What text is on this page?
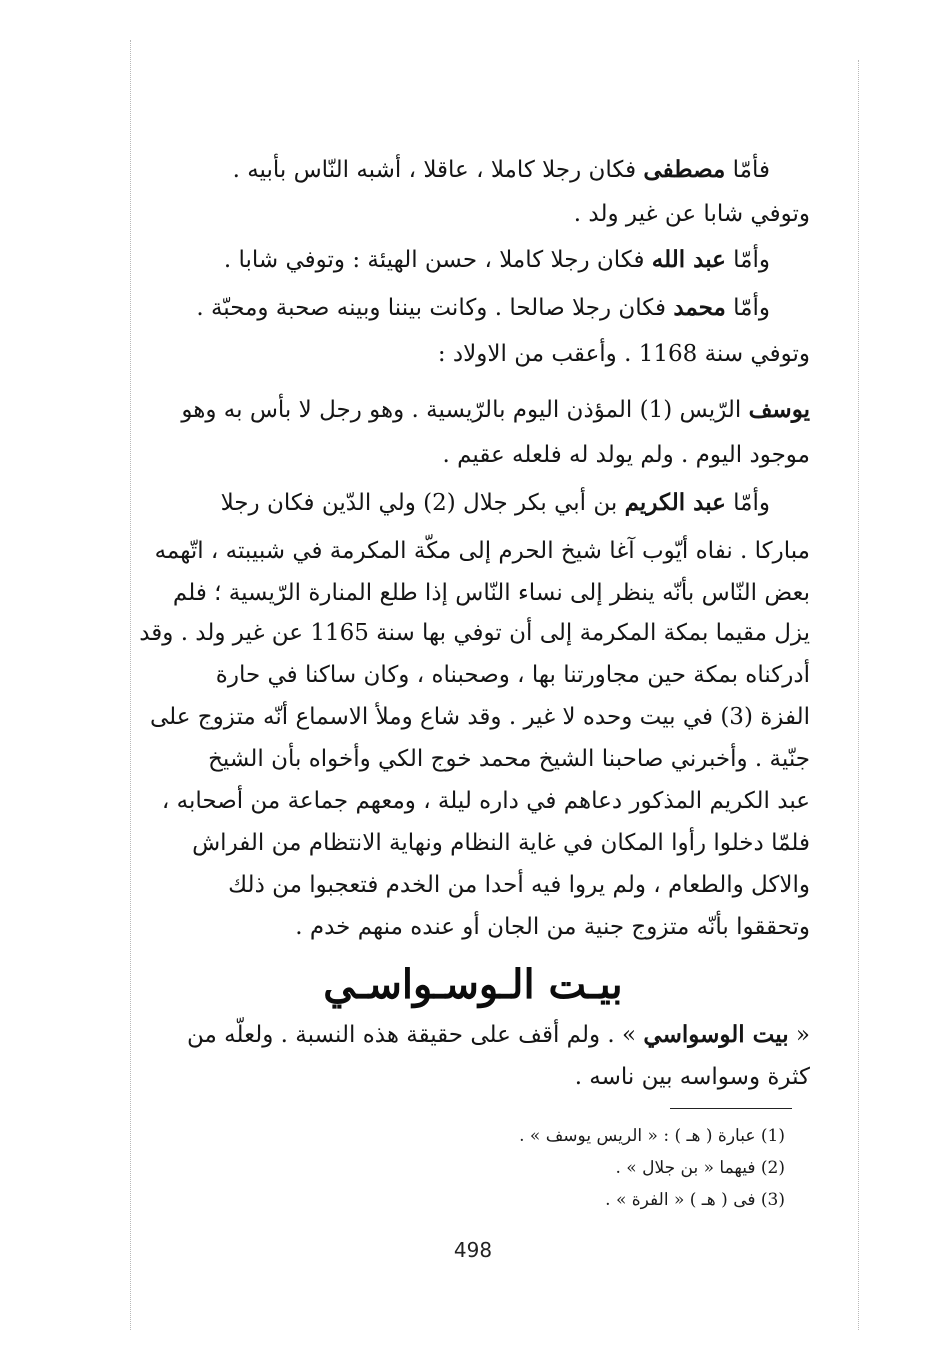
فأمّا مصطفى فكان رجلا كاملا ، عاقلا ، أشبه النّاس بأبيه .
وتوفي شابا عن غير ولد .
وأمّا عبد الله فكان رجلا كاملا ، حسن الهيئة : وتوفي شابا .
وأمّا محمد فكان رجلا صالحا . وكانت بيننا وبينه صحبة ومحبّة .
وتوفي سنة 1168 . وأعقب من الاولاد :
يوسف الرّيس (1) المؤذن اليوم بالرّيسية . وهو رجل لا بأس به وهو
موجود اليوم . ولم يولد له فلعله عقيم .
وأمّا عبد الكريم بن أبي بكر جلال (2) ولي الدّين فكان رجلا
مباركا . نفاه أيّوب آغا شيخ الحرم إلى مكّة المكرمة في شبيبته ، اتّهمه
بعض النّاس بأنّه ينظر إلى نساء النّاس إذا طلع المنارة الرّيسية ؛ فلم
يزل مقيما بمكة المكرمة إلى أن توفي بها سنة 1165 عن غير ولد . وقد
أدركناه بمكة حين مجاورتنا بها ، وصحبناه ، وكان ساكنا في حارة
الفزة (3) في بيت وحده لا غير . وقد شاع وملأ الاسماع أنّه متزوج على
جنّية . وأخبرني صاحبنا الشيخ محمد خوج الكي وأخواه بأن الشيخ
عبد الكريم المذكور دعاهم في داره ليلة ، ومعهم جماعة من أصحابه ،
فلمّا دخلوا رأوا المكان في غاية النظام ونهاية الانتظام من الفراش
والاكل والطعام ، ولم يروا فيه أحدا من الخدم فتعجبوا من ذلك
وتحققوا بأنّه متزوج جنية من الجان أو عنده منهم خدم .
بيـت الـوسـواسـي
« بيت الوسواسي » . ولم أقف على حقيقة هذه النسبة . ولعلّه من
كثرة وسواسه بين ناسه .
(1) عبارة ( هـ ) : « الريس يوسف » .
(2) فيهما « بن جلال » .
(3) فى ( هـ ) « الفرة » .
498
